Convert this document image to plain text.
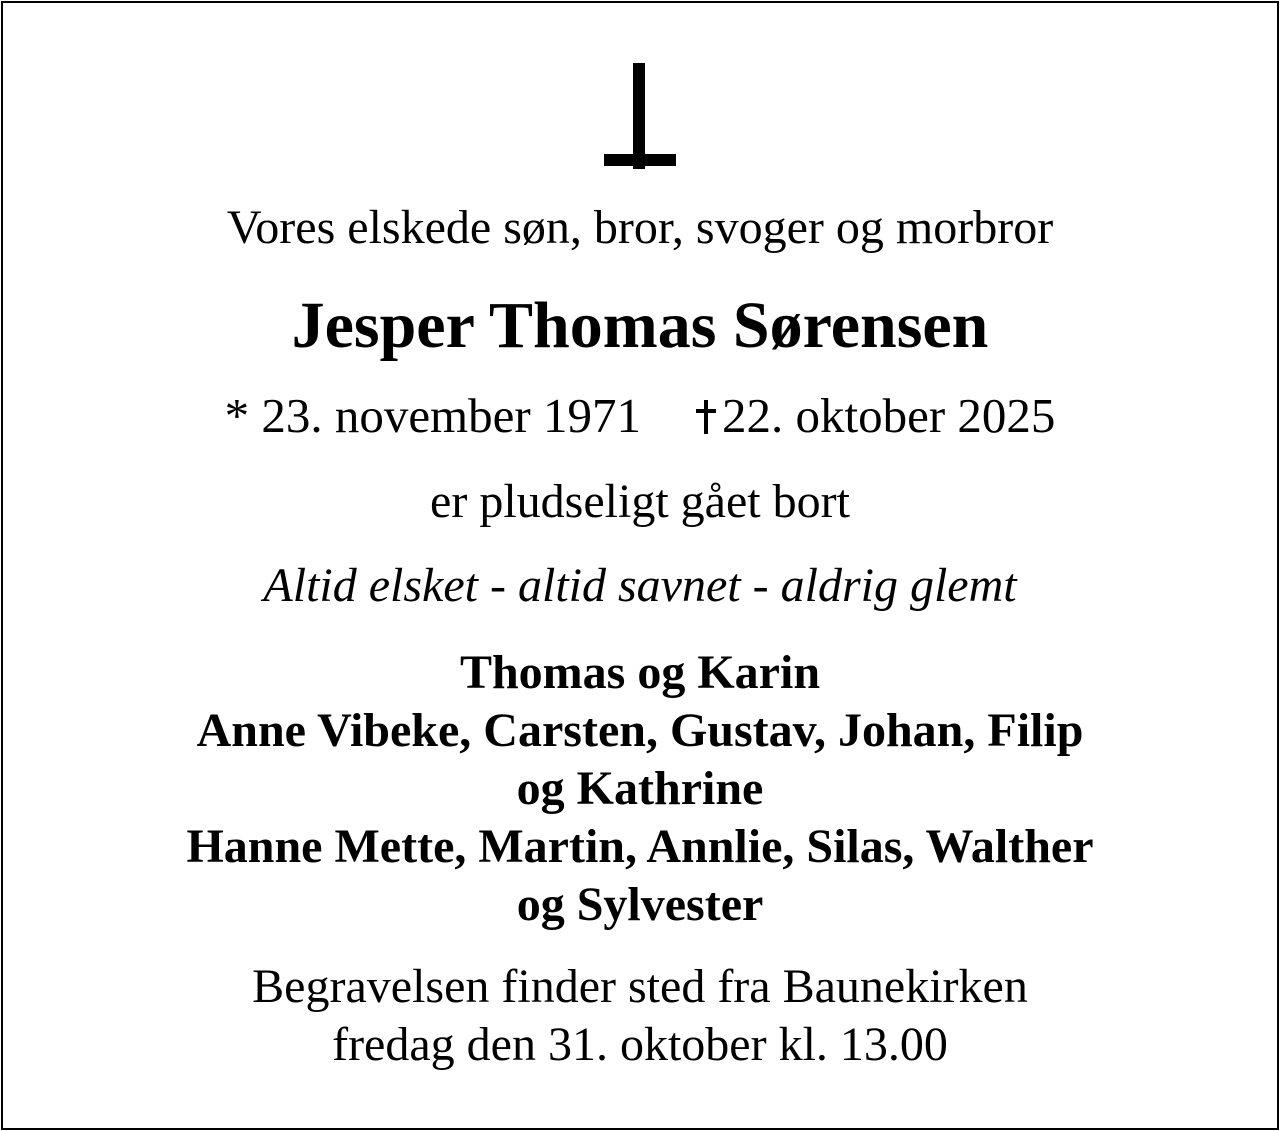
Vores elskede søn, bror, svoger og morbror
Jesper Thomas Sørensen
* 23. november 1971 22. oktober 2025
er pludseligt gået bort
Altid elsket - altid savnet - aldrig glemt
Thomas og Karin
Anne Vibeke, Carsten, Gustav, Johan, Filip
og Kathrine
Hanne Mette, Martin, Annlie, Silas, Walther
og Sylvester
Begravelsen finder sted fra Baunekirken
fredag den 31. oktober kl. 13.00
